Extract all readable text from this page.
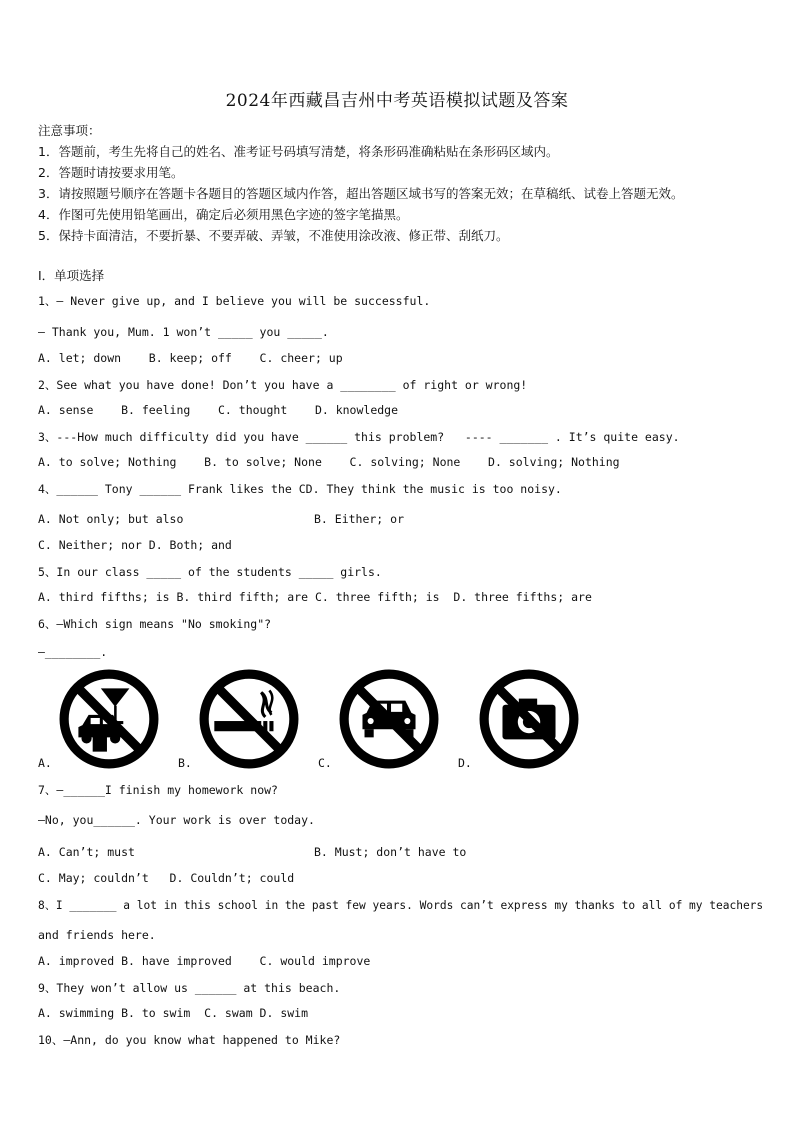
2024年西藏昌吉州中考英语模拟试题及答案
注意事项：
1．答题前，考生先将自己的姓名、准考证号码填写清楚，将条形码准确粘贴在条形码区域内。
2．答题时请按要求用笔。
3．请按照题号顺序在答题卡各题目的答题区域内作答，超出答题区域书写的答案无效；在草稿纸、试卷上答题无效。
4．作图可先使用铅笔画出，确定后必须用黑色字迹的签字笔描黑。
5．保持卡面清洁，不要折暴、不要弄破、弄皱，不准使用涂改液、修正带、刮纸刀。
Ⅰ．单项选择
1、— Never give up, and I believe you will be successful.
— Thank you, Mum. 1 won’t _____ you _____.
A. let; down    B. keep; off    C. cheer; up
2、See what you have done! Don’t you have a ________ of right or wrong!
A. sense    B. feeling    C. thought    D. knowledge
3、---How much difficulty did you have ______ this problem?   ---- _______ . It’s quite easy.
A. to solve; Nothing    B. to solve; None    C. solving; None    D. solving; Nothing
4、______ Tony ______ Frank likes the CD. They think the music is too noisy.
A. Not only; but also	B. Either; or
C. Neither; nor D. Both; and
5、In our class _____ of the students _____ girls.
A. third fifths; is B. third fifth; are C. three fifth; is  D. three fifths; are
6、—Which sign means "No smoking"?
—________.
A.	B.	C.	D.
7、—______I finish my homework now?
—No, you______. Your work is over today.
A. Can’t; must	B. Must; don’t have to
C. May; couldn’t   D. Couldn’t; could
8、I _______ a lot in this school in the past few years. Words can’t express my thanks to all of my teachers
and friends here.
A. improved B. have improved    C. would improve
9、They won’t allow us ______ at this beach.
A. swimming B. to swim  C. swam D. swim
10、—Ann, do you know what happened to Mike?
